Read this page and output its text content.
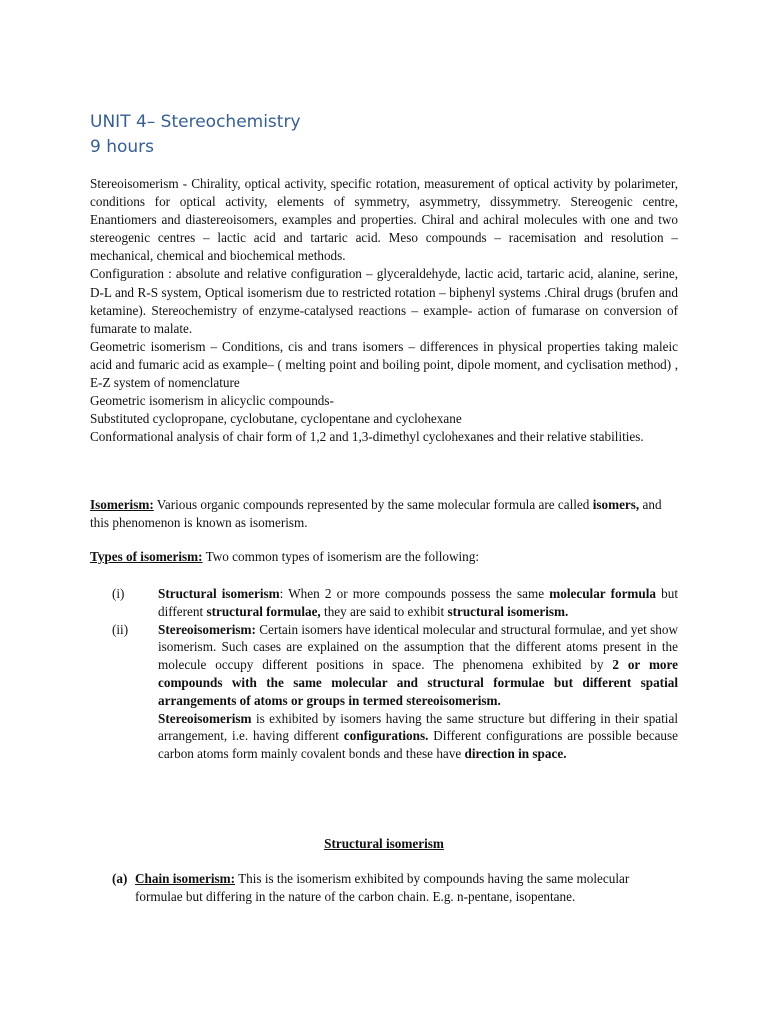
UNIT 4– Stereochemistry
9 hours

Stereoisomerism - Chirality, optical activity, specific rotation, measurement of optical activity by polarimeter, conditions for optical activity, elements of symmetry, asymmetry, dissymmetry. Stereogenic centre, Enantiomers and diastereoisomers, examples and properties. Chiral and achiral molecules with one and two stereogenic centres – lactic acid and tartaric acid. Meso compounds – racemisation and resolution – mechanical, chemical and biochemical methods.

Configuration : absolute and relative configuration – glyceraldehyde, lactic acid, tartaric acid, alanine, serine, D-L and R-S system, Optical isomerism due to restricted rotation – biphenyl systems .Chiral drugs (brufen and ketamine). Stereochemistry of enzyme-catalysed reactions – example- action of fumarase on conversion of fumarate to malate.

Geometric isomerism – Conditions, cis and trans isomers – differences in physical properties taking maleic acid and fumaric acid as example– ( melting point and boiling point, dipole moment, and cyclisation method) , E-Z system of nomenclature

Geometric isomerism in alicyclic compounds-

Substituted cyclopropane, cyclobutane, cyclopentane and cyclohexane

Conformational analysis of chair form of 1,2 and 1,3-dimethyl cyclohexanes and their relative stabilities.

Isomerism: Various organic compounds represented by the same molecular formula are called isomers, and this phenomenon is known as isomerism.

Types of isomerism: Two common types of isomerism are the following:

(i)	Structural isomerism: When 2 or more compounds possess the same molecular formula but different structural formulae, they are said to exhibit structural isomerism.

(ii) Stereoisomerism: Certain isomers have identical molecular and structural formulae, and yet show isomerism. Such cases are explained on the assumption that the different atoms present in the molecule occupy different positions in space. The phenomena exhibited by 2 or more compounds with the same molecular and structural formulae but different spatial arrangements of atoms or groups in termed stereoisomerism.

Stereoisomerism is exhibited by isomers having the same structure but differing in their spatial arrangement, i.e. having different configurations. Different configurations are possible because carbon atoms form mainly covalent bonds and these have direction in space.

Structural isomerism
(a) Chain isomerism: This is the isomerism exhibited by compounds having the same molecular formulae but differing in the nature of the carbon chain. E.g. n-pentane, isopentane.
